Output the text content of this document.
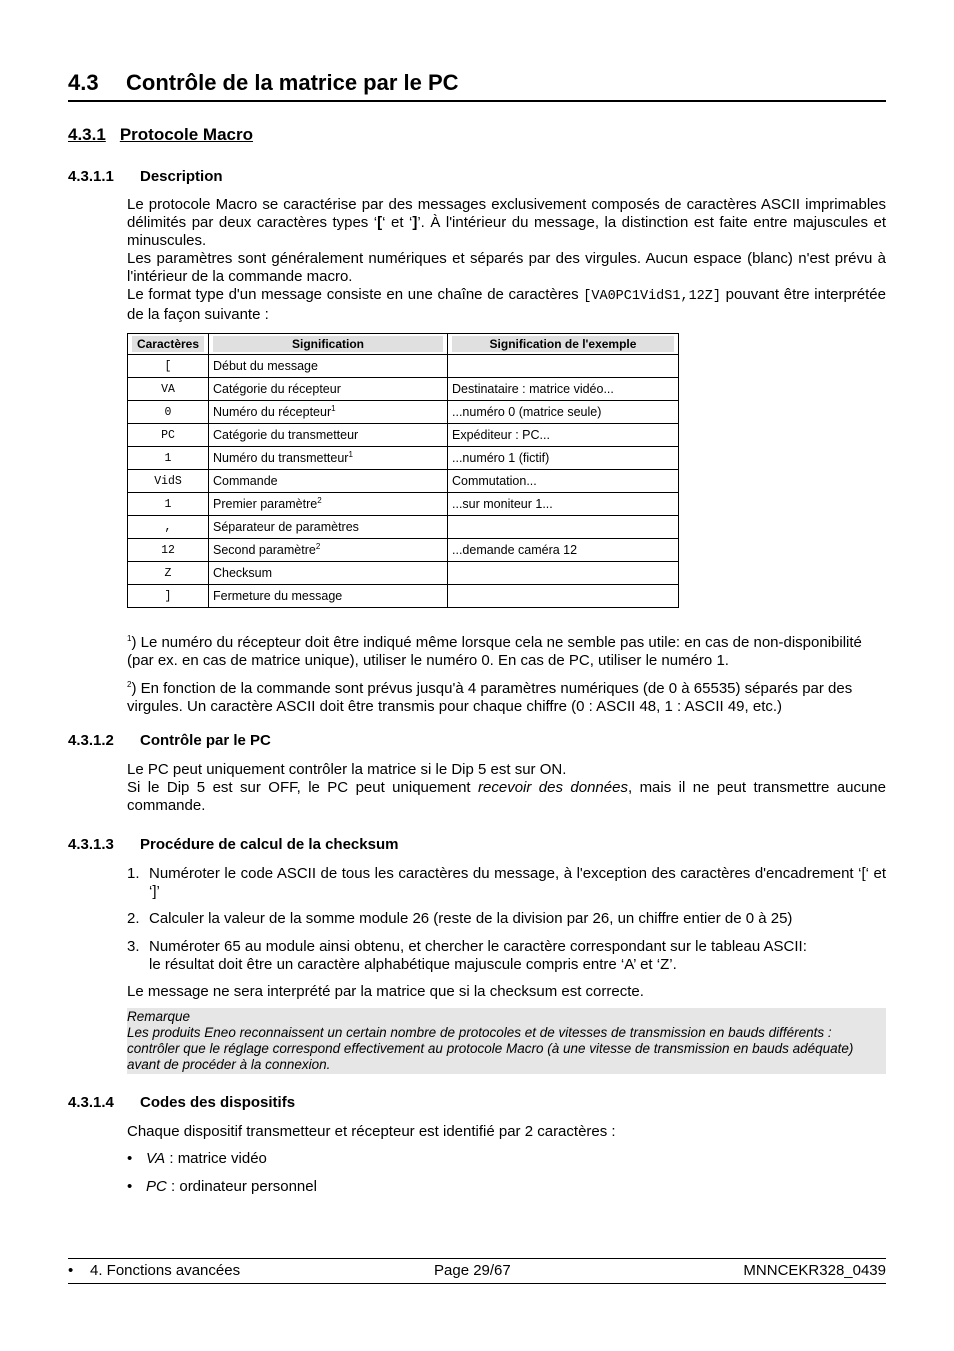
4.3 Contrôle de la matrice par le PC
4.3.1 Protocole Macro
4.3.1.1 Description
Le protocole Macro se caractérise par des messages exclusivement composés de caractères ASCII imprimables délimités par deux caractères types ‘[‘ et ‘]’. À l'intérieur du message, la distinction est faite entre majuscules et minuscules.
Les paramètres sont généralement numériques et séparés par des virgules. Aucun espace (blanc) n'est prévu à l'intérieur de la commande macro.
Le format type d'un message consiste en une chaîne de caractères [VA0PC1VidS1,12Z] pouvant être interprétée de la façon suivante :
Caractères	Signification	Signification de l'exemple

[	Début du message	
VA	Catégorie du récepteur	Destinataire : matrice vidéo...
0	Numéro du récepteur$^1$	...numéro 0 (matrice seule)
PC	Catégorie du transmetteur	Expéditeur : PC...
1	Numéro du transmetteur$^1$	...numéro 1 (fictif)
VidS	Commande	Commutation...
1	Premier paramètre$^2$	...sur moniteur 1...
,	Séparateur de paramètres	
12	Second paramètre$^2$	...demande caméra 12
Z	Checksum	
]	Fermeture du message	
$^1$) Le numéro du récepteur doit être indiqué même lorsque cela ne semble pas utile: en cas de non-disponibilité (par ex. en cas de matrice unique), utiliser le numéro 0. En cas de PC, utiliser le numéro 1.
$^2$) En fonction de la commande sont prévus jusqu'à 4 paramètres numériques (de 0 à 65535) séparés par des virgules. Un caractère ASCII doit être transmis pour chaque chiffre (0 : ASCII 48, 1 : ASCII 49, etc.)
4.3.1.2 Contrôle par le PC
Le PC peut uniquement contrôler la matrice si le Dip 5 est sur ON.
Si le Dip 5 est sur OFF, le PC peut uniquement recevoir des données, mais il ne peut transmettre aucune commande.
4.3.1.3 Procédure de calcul de la checksum
1. Numéroter le code ASCII de tous les caractères du message, à l'exception des caractères d'encadrement ‘[‘ et ‘]’
2. Calculer la valeur de la somme module 26 (reste de la division par 26, un chiffre entier de 0 à 25)
3. Numéroter 65 au module ainsi obtenu, et chercher le caractère correspondant sur le tableau ASCII:
le résultat doit être un caractère alphabétique majuscule compris entre ‘A’ et ‘Z’.
Le message ne sera interprété par la matrice que si la checksum est correcte.
Remarque
Les produits Eneo reconnaissent un certain nombre de protocoles et de vitesses de transmission en bauds différents : contrôler que le réglage correspond effectivement au protocole Macro (à une vitesse de transmission en bauds adéquate) avant de procéder à la connexion.
4.3.1.4 Codes des dispositifs
Chaque dispositif transmetteur et récepteur est identifié par 2 caractères :
• VA : matrice vidéo
• PC : ordinateur personnel
• 4. Fonctions avancées	Page 29/67	MNNCEKR328_0439
